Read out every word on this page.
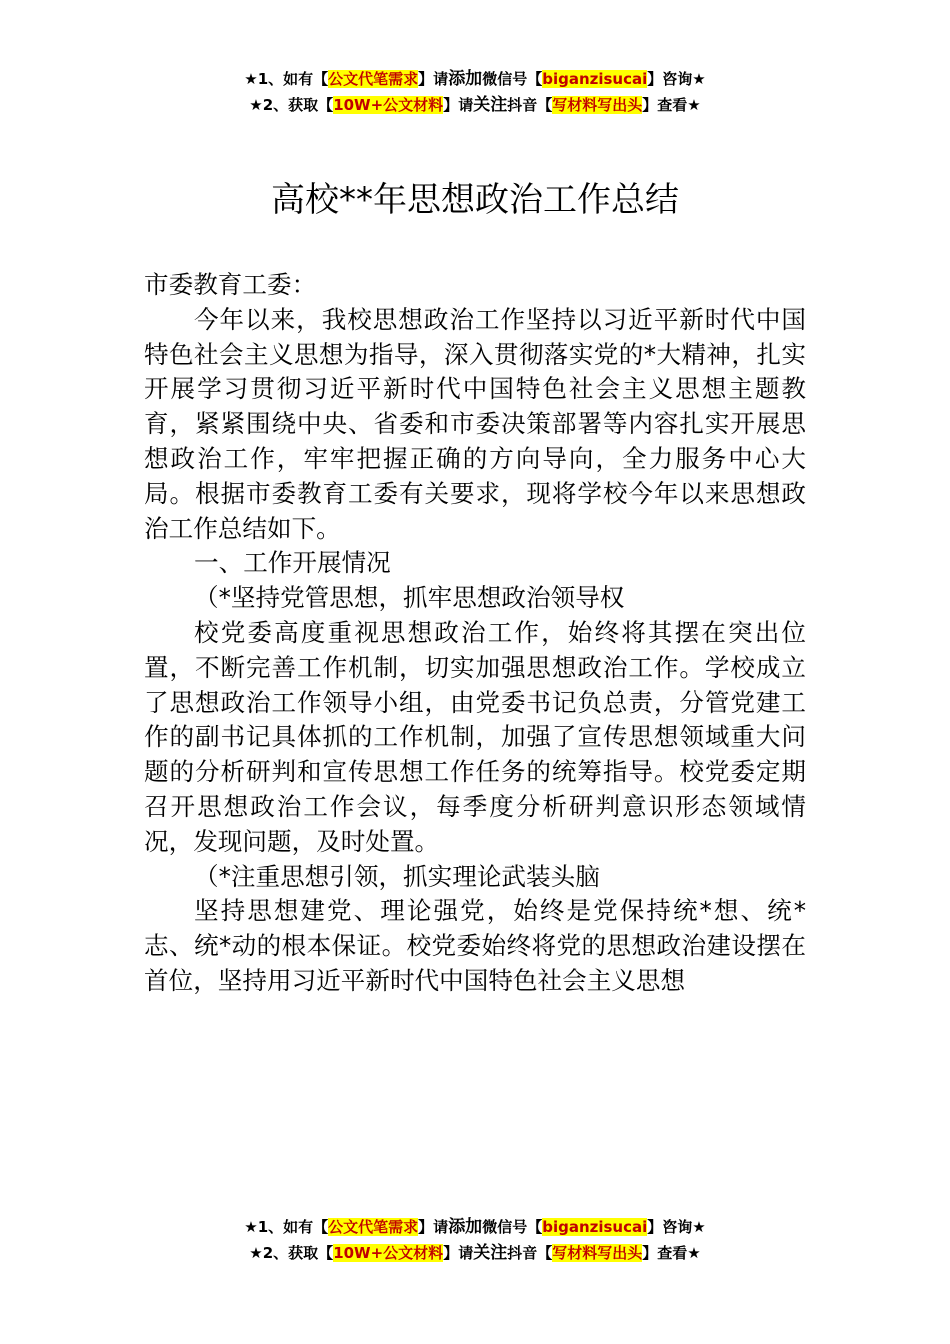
★1、如有【公文代笔需求】请添加微信号【biganzisucai】咨询★
★2、获取【10W+公文材料】请关注抖音【写材料写出头】查看★
高校**年思想政治工作总结

市委教育工委：

今年以来，我校思想政治工作坚持以习近平新时代中国特色社会主义思想为指导，深入贯彻落实党的*大精神，扎实开展学习贯彻习近平新时代中国特色社会主义思想主题教育，紧紧围绕中央、省委和市委决策部署等内容扎实开展思想政治工作，牢牢把握正确的方向导向，全力服务中心大局。根据市委教育工委有关要求，现将学校今年以来思想政治工作总结如下。

一、工作开展情况

（*坚持党管思想，抓牢思想政治领导权

校党委高度重视思想政治工作，始终将其摆在突出位置，不断完善工作机制，切实加强思想政治工作。学校成立了思想政治工作领导小组，由党委书记负总责，分管党建工作的副书记具体抓的工作机制，加强了宣传思想领域重大问题的分析研判和宣传思想工作任务的统筹指导。校党委定期召开思想政治工作会议，每季度分析研判意识形态领域情况，发现问题，及时处置。

（*注重思想引领，抓实理论武装头脑

坚持思想建党、理论强党，始终是党保持统*想、统*志、统*动的根本保证。校党委始终将党的思想政治建设摆在首位，坚持用习近平新时代中国特色社会主义思想

★1、如有【公文代笔需求】请添加微信号【biganzisucai】咨询★
★2、获取【10W+公文材料】请关注抖音【写材料写出头】查看★
